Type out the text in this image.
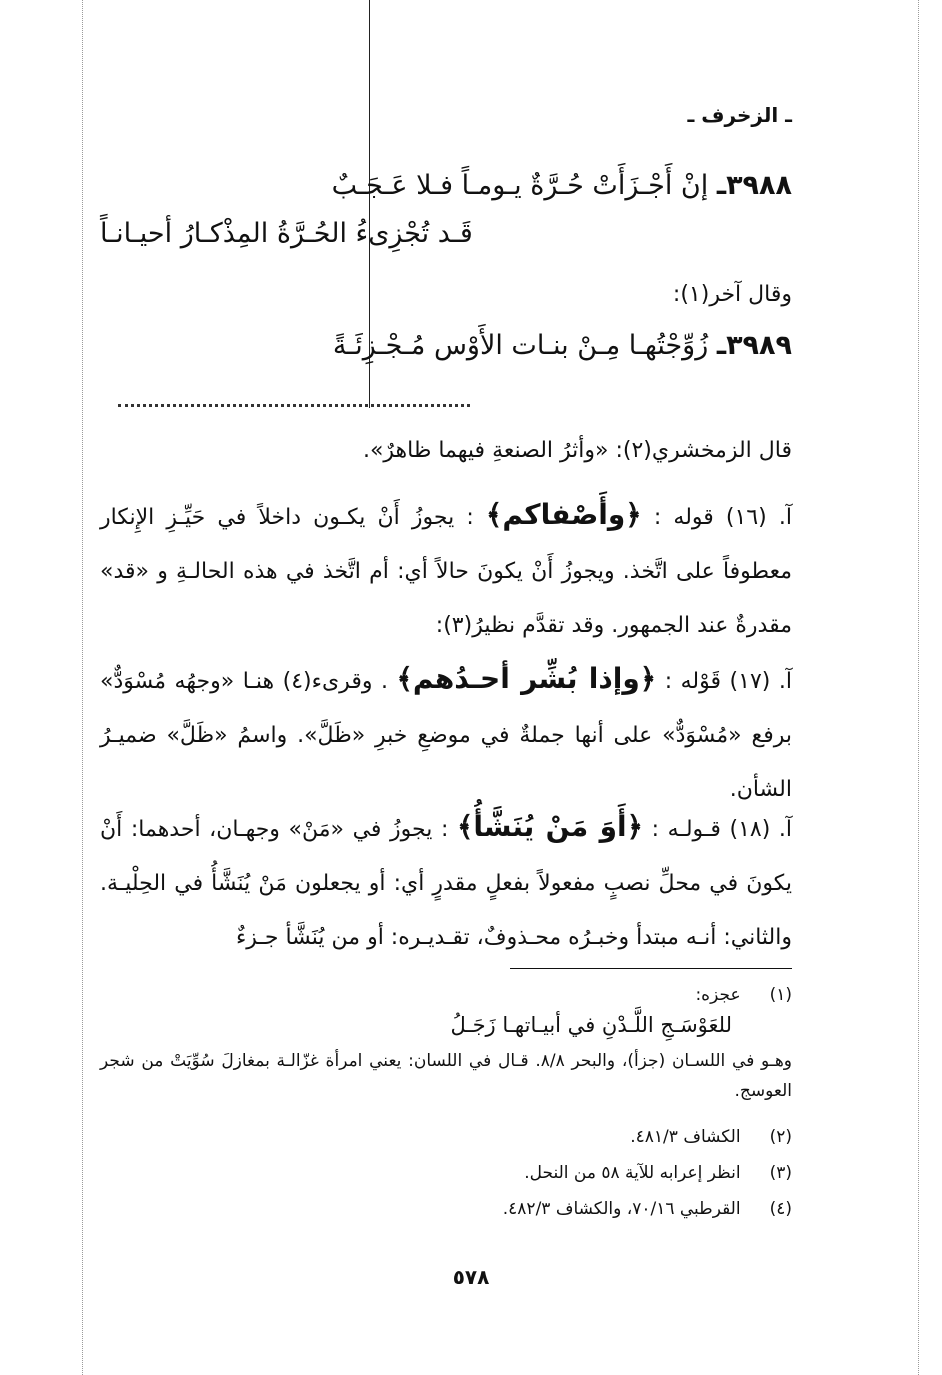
ـ الزخرف ـ
٣٩٨٨ـ إنْ أَجْـزَأَتْ حُـرَّةٌ يـومـاً فـلا عَـجَـبٌ
قَـد تُجْزِىءُ الحُـرَّةُ المِذْكـارُ أحيـانـاً
وقال آخر(١):
٣٩٨٩ـ زُوِّجْتُهـا مِـنْ بنـات الأَوْس مُـجْـزِئَـةً
قال الزمخشري(٢): «وأثرُ الصنعةِ فيهما ظاهرٌ».
آ. (١٦) قوله : ﴿وأَصْفاكم﴾ : يجوزُ أَنْ يكـون داخلاً في حَيِّـزِ الإِنكار معطوفاً على اتَّخذ. ويجوزُ أَنْ يكونَ حالاً أي: أم اتَّخذ في هذه الحالـةِ و «قد» مقدرةٌ عند الجمهور. وقد تقدَّم نظيرُ(٣):
آ. (١٧) قَوْله : ﴿وإذا بُشِّر أحـدُهم﴾ . وقرىء(٤) هنـا «وجهُه مُسْوَدٌّ» برفع «مُسْوَدٌّ» على أنها جملةٌ في موضعِ خبرِ «ظَلَّ». واسمُ «ظَلَّ» ضميـرُ الشأن.
آ. (١٨) قـولـه : ﴿أَوَ مَنْ يُنَشَّأُ﴾ : يجوزُ في «مَنْ» وجهـان، أحدهما: أَنْ يكونَ في محلِّ نصبٍ مفعولاً بفعلٍ مقدرٍ أي: أو يجعلون مَنْ يُنَشَّأُ في الحِلْيـة. والثاني: أنـه مبتدأ وخبـرُه محـذوفٌ، تقـديـره: أو من يُنَشَّأ جـزءٌ
(١) عجزه:
للعَوْسَـجِ اللَّـدْنِ في أبيـاتهـا زَجَـلُ
وهـو في اللسـان (جزأ)، والبحر ٨/٨. قـال في اللسان: يعني امرأة غزّالـة بمغازلَ سُوِّيَتْ من شجر العوسج.
(٢) الكشاف ٤٨١/٣.
(٣) انظر إعرابه للآية ٥٨ من النحل.
(٤) القرطبي ٧٠/١٦، والكشاف ٤٨٢/٣.
٥٧٨
